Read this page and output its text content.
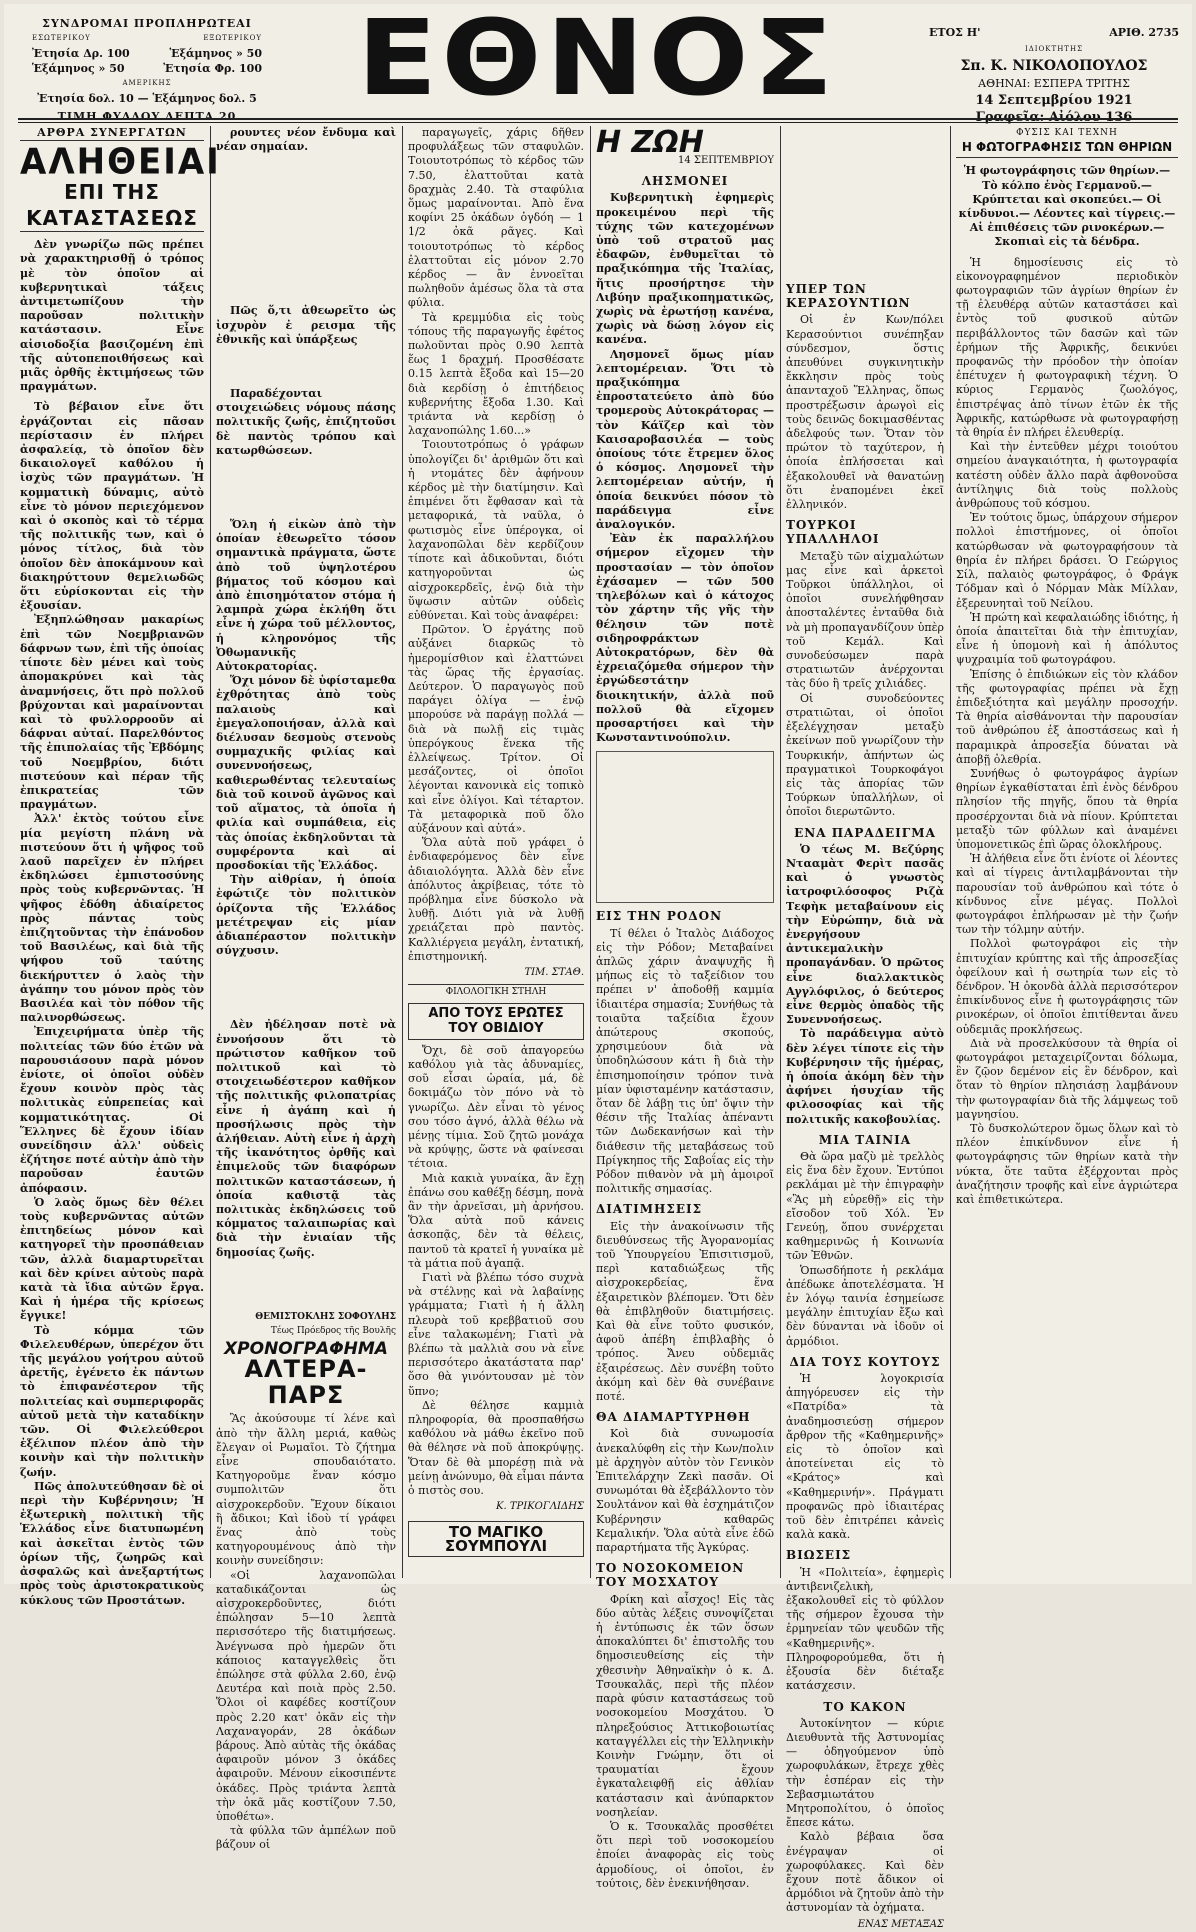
ΣΥΝΔΡΟΜΑΙ ΠΡΟΠΛΗΡΩΤΕΑΙ
ΕΣΩΤΕΡΙΚΟΥ	ΕΞΩΤΕΡΙΚΟΥ
Ἐτησία Δρ. 100	Ἑξάμηνος » 50
Ἑξάμηνος » 50	Ἐτησία Φρ. 100
ΑΜΕΡΙΚΗΣ
Ἐτησία δολ. 10 — Ἑξάμηνος δολ. 5
ΤΙΜΗ ΦΥΛΛΟΥ ΛΕΠΤΑ 20	ΕΘΝΟΣ	ΕΤΟΣ Η'	ΑΡΙΘ. 2735
ΙΔΙΟΚΤΗΤΗΣ
Σπ. Κ. ΝΙΚΟΛΟΠΟΥΛΟΣ
ΑΘΗΝΑΙ: ΕΣΠΕΡΑ ΤΡΙΤΗΣ
14 Σεπτεμβρίου 1921
Γραφεῖα: Αἰόλου 136
ΑΡΘΡΑ ΣΥΝΕΡΓΑΤΩΝ
ΑΛΗΘΕΙΑΙ
ΕΠΙ ΤΗΣ ΚΑΤΑΣΤΑΣΕΩΣ

Δὲν γνωρίζω πῶς πρέπει νὰ χαρακτηρισθῇ ὁ τρόπος μὲ τὸν ὁποῖον αἱ κυβερνητικαὶ τάξεις ἀντιμετωπίζουν τὴν παροῦσαν πολιτικὴν κατάστασιν. Εἶνε αἰσιοδοξία βασιζομένη ἐπὶ τῆς αὐτοπεποιθήσεως καὶ μιᾶς ὀρθῆς ἐκτιμήσεως τῶν πραγμάτων.

Τὸ βέβαιον εἶνε ὅτι ἐργάζονται εἰς πᾶσαν περίστασιν ἐν πλήρει ἀσφαλείᾳ, τὸ ὁποῖον δὲν δικαιολογεῖ καθόλου ἡ ἰσχὺς τῶν πραγμάτων. Ἡ κομματικὴ δύναμις, αὐτὸ εἶνε τὸ μόνον περιεχόμενον καὶ ὁ σκοπὸς καὶ τὸ τέρμα τῆς πολιτικῆς των, καὶ ὁ μόνος τίτλος, διὰ τὸν ὁποῖον δὲν ἀποκάμνουν καὶ διακηρύττουν θεμελιωδῶς ὅτι εὑρίσκονται εἰς τὴν ἐξουσίαν.

Ἐξηπλώθησαν μακαρίως ἐπὶ τῶν Νοεμβριανῶν δάφνων των, ἐπὶ τῆς ὁποίας τίποτε δὲν μένει καὶ τοὺς ἀπομακρύνει καὶ τὰς ἀναμνήσεις, ὅτι πρὸ πολλοῦ βρύχονται καὶ μαραίνονται καὶ τὸ φυλλορροοῦν αἱ δάφναι αὐταί. Παρελθόντος τῆς ἐπιπολαίας τῆς Ἐβδόμης τοῦ Νοεμβρίου, διότι πιστεύουν καὶ πέραν τῆς ἐπικρατείας τῶν πραγμάτων.

Ἀλλ' ἐκτὸς τούτου εἶνε μία μεγίστη πλάνη νὰ πιστεύουν ὅτι ἡ ψῆφος τοῦ λαοῦ παρεῖχεν ἐν πλήρει ἐκδηλώσει ἐμπιστοσύνης πρὸς τοὺς κυβερνῶντας. Ἡ ψῆφος ἐδόθη ἀδιαίρετος πρὸς πάντας τοὺς ἐπιζητοῦντας τὴν ἐπάνοδον τοῦ Βασιλέως, καὶ διὰ τῆς ψήφου τοῦ ταύτης διεκήρυττεν ὁ λαὸς τὴν ἀγάπην του μόνον πρὸς τὸν Βασιλέα καὶ τὸν πόθον τῆς παλινορθώσεως.

Ἐπιχειρήματα ὑπὲρ τῆς πολιτείας τῶν δύο ἐτῶν νὰ παρουσιάσουν παρὰ μόνον ἐνίοτε, οἱ ὁποῖοι οὐδὲν ἔχουν κοινὸν πρὸς τὰς πολιτικὰς εὐπρεπείας καὶ κομματικότητας. Οἱ Ἕλληνες δὲ ἔχουν ἰδίαν συνείδησιν ἀλλ' οὐδεὶς ἐζήτησε ποτέ αὐτὴν ἀπὸ τὴν παροῦσαν ἑαυτῶν ἀπόφασιν.

Ὁ λαὸς ὅμως δὲν θέλει τοὺς κυβερνῶντας αὐτῶν ἐπιτηδείως μόνον καὶ κατηγορεῖ τὴν προσπάθειαν τῶν, ἀλλὰ διαμαρτυρεῖται καὶ δὲν κρίνει αὐτοὺς παρὰ κατὰ τὰ ἴδια αὐτῶν ἔργα. Καὶ ἡ ἡμέρα τῆς κρίσεως ἔγγικε!

Τὸ κόμμα τῶν Φιλελευθέρων, ὑπερέχον ὅτι τῆς μεγάλου γοήτρου αὐτοῦ ἀρετῆς, ἐγένετο ἐκ πάντων τὸ ἐπιφανέστερον τῆς πολιτείας καὶ συμπεριφορᾶς αὐτοῦ μετὰ τὴν καταδίκην τῶν. Οἱ Φιλελεύθεροι ἐξέλιπον πλέον ἀπὸ τὴν κοινὴν καὶ τὴν πολιτικὴν ζωήν.

Πῶς ἀπολυτεύθησαν δὲ οἱ περὶ τὴν Κυβέρνησιν; Ἡ ἐξωτερικὴ πολιτικὴ τῆς Ἑλλάδος εἶνε διατυπωμένη καὶ ἀσκεῖται ἐντὸς τῶν ὁρίων τῆς, ζωηρῶς καὶ ἀσφαλῶς καὶ ἀνεξαρτήτως πρὸς τοὺς ἀριστοκρατικοὺς κύκλους τῶν Προστάτων.

ρουντες νέον ἔνδυμα καὶ νέαν σημαίαν.

Πῶς ὅ,τι ἀθεωρεῖτο ὡς ἰσχυρὸν ἐ ρεισμα τῆς ἐθνικῆς καὶ ὑπάρξεως

Παραδέχονται στοιχειώδεις νόμους πάσης πολιτικῆς ζωῆς, ἐπιζητοῦσι δὲ παντὸς τρόπου καὶ κατωρθώσεων.

Ὅλη ἡ εἰκὼν ἀπὸ τὴν ὁποίαν ἐθεωρεῖτο τόσον σημαντικὰ πράγματα, ὥστε ἀπὸ τοῦ ὑψηλοτέρου βήματος τοῦ κόσμου καὶ ἀπὸ ἐπισημότατον στόμα ἡ λαμπρὰ χώρα ἐκλήθη ὅτι εἶνε ἡ χώρα τοῦ μέλλοντος, ἡ κληρονόμος τῆς Ὀθωμανικῆς Αὐτοκρατορίας.

Ὅχι μόνον δὲ ὑφίσταμεθα ἐχθρότητας ἀπὸ τοὺς παλαιοὺς καὶ ἐμεγαλοποιήσαν, ἀλλὰ καὶ διέλυσαν δεσμοὺς στενοὺς συμμαχικῆς φιλίας καὶ συνεννοήσεως, καθιερωθέντας τελευταίως διὰ τοῦ κοινοῦ ἀγῶνος καὶ τοῦ αἵματος, τὰ ὁποῖα ἡ φιλία καὶ συμπάθεια, εἰς τὰς ὁποίας ἐκδηλοῦνται τὰ συμφέροντα καὶ αἱ προσδοκίαι τῆς Ἑλλάδος.

Τὴν αἰθρίαν, ἡ ὁποία ἐφώτιζε τὸν πολιτικὸν ὁρίζοντα τῆς Ἑλλάδος μετέτρεψαν εἰς μίαν ἀδιαπέραστον πολιτικὴν σύγχυσιν.

Δὲν ἠδέλησαν ποτὲ νὰ ἐννοήσουν ὅτι τὸ πρώτιστον καθῆκον τοῦ πολιτικοῦ καὶ τὸ στοιχειωδέστερον καθῆκον τῆς πολιτικῆς φιλοπατρίας εἶνε ἡ ἀγάπη καὶ ἡ προσήλωσις πρὸς τὴν ἀλήθειαν. Αὐτὴ εἶνε ἡ ἀρχὴ τῆς ἱκανότητος ὀρθῆς καὶ ἐπιμελοῦς τῶν διαφόρων πολιτικῶν καταστάσεων, ἡ ὁποία καθιστᾷ τὰς πολιτικὰς ἐκδηλώσεις τοῦ κόμματος ταλαιπωρίας καὶ διὰ τὴν ἐνιαίαν τῆς δημοσίας ζωῆς.

ΘΕΜΙΣΤΟΚΛΗΣ ΣΟΦΟΥΛΗΣ
Τέως Πρόεδρος τῆς Βουλῆς
ΧΡΟΝΟΓΡΑΦΗΜΑ
ΑΛΤΕΡΑ-ΠΑΡΣ

Ἂς ἀκούσουμε τί λένε καὶ ἀπὸ τὴν ἄλλη μεριά, καθὼς ἔλεγαν οἱ Ρωμαῖοι. Τὸ ζήτημα εἶνε σπουδαιότατο. Κατηγοροῦμε ἕναν κόσμο συμπολιτῶν ὅτι αἰσχροκερδοῦν. Ἔχουν δίκαιοι ἢ ἄδικοι; Καὶ ἰδοὺ τί γράφει ἕνας ἀπὸ τοὺς κατηγορουμένους ἀπὸ τὴν κοινὴν συνείδησιν:

«Οἱ λαχανοπῶλαι καταδικάζονται ὡς αἰσχροκερδοῦντες, διότι ἐπώλησαν 5—10 λεπτὰ περισσότερο τῆς διατιμήσεως. Ἀνέγνωσα πρὸ ἡμερῶν ὅτι κάποιος καταγγελθεὶς ὅτι ἐπώλησε στὰ φύλλα 2.60, ἐνῷ Δευτέρα καὶ ποιὰ πρὸς 2.50. Ὅλοι οἱ καφέδες κοστίζουν πρὸς 2.20 κατ' ὀκᾶν εἰς τὴν Λαχαναγοράν, 28 ὀκάδων βάρους. Ἀπὸ αὐτὰς τῆς ὀκάδας ἀφαιροῦν μόνον 3 ὀκάδες ἀφαιροῦν. Μένουν εἰκοσιπέντε ὀκάδες. Πρὸς τριάντα λεπτὰ τὴν ὀκᾶ μᾶς κοστίζουν 7.50, ὑποθέτω».

τὰ φύλλα τῶν ἀμπέλων ποῦ βάζουν οἱ

παραγωγεῖς, χάρις δῆθεν προφυλάξεως τῶν σταφυλῶν. Τοιουτοτρόπως τὸ κέρδος τῶν 7.50, ἐλαττοῦται κατὰ δραχμὰς 2.40. Τὰ σταφύλια ὅμως μαραίνονται. Ἀπὸ ἕνα κοφίνι 25 ὀκάδων ὀγδόη — 1 1/2 ὀκᾶ ρᾶγες. Καὶ τοιουτοτρόπως τὸ κέρδος ἐλαττοῦται εἰς μόνον 2.70 κέρδος — ἂν ἐννοεῖται πωληθοῦν ἀμέσως ὅλα τὰ στα φύλια.

Τὰ κρεμμύδια εἰς τοὺς τόπους τῆς παραγωγῆς ἐφέτος πωλοῦνται πρὸς 0.90 λεπτὰ ἕως 1 δραχμή. Προσθέσατε 0.15 λεπτὰ ἔξοδα καὶ 15—20 διὰ κερδίσῃ ὁ ἐπιτήδειος κυβερνήτης ἔξοδα 1.30. Καὶ τριάντα νὰ κερδίσῃ ὁ λαχανοπώλης 1.60...»

Τοιουτοτρόπως ὁ γράφων ὑπολογίζει δι' ἀριθμῶν ὅτι καὶ ἡ ντομάτες δὲν ἀφήνουν κέρδος μὲ τὴν διατίμησιν. Καὶ ἐπιμένει ὅτι ἔφθασαν καὶ τὰ μεταφορικά, τὰ ναῦλα, ὁ φωτισμὸς εἶνε ὑπέρογκα, οἱ λαχανοπῶλαι δὲν κερδίζουν τίποτε καὶ ἀδικοῦνται, διότι κατηγοροῦνται ὡς αἰσχροκερδεῖς, ἐνῷ διὰ τὴν ὕψωσιν αὐτῶν οὐδεὶς εὐθύνεται. Καὶ τοὺς ἀναφέρει:

Πρῶτον. Ὁ ἐργάτης ποῦ αὐξάνει διαρκῶς τὸ ἡμερομίσθιον καὶ ἐλαττώνει τὰς ὥρας τῆς ἐργασίας. Δεύτερον. Ὁ παραγωγὸς ποῦ παράγει ὀλίγα — ἐνῷ μπορούσε νὰ παράγῃ πολλά — διὰ νὰ πωλῇ εἰς τιμὰς ὑπερόγκους ἕνεκα τῆς ἐλλείψεως. Τρίτον. Οἱ μεσάζοντες, οἱ ὁποῖοι λέγονται κανονικὰ εἰς τοπικὸ καὶ εἶνε ὀλίγοι. Καὶ τέταρτον. Τὰ μεταφορικὰ ποῦ ὅλο αὐξάνουν καὶ αὐτά».

Ὅλα αὐτὰ ποῦ γράφει ὁ ἐνδιαφερόμενος δὲν εἶνε ἀδιαιολόγητα. Ἀλλὰ δὲν εἶνε ἀπόλυτος ἀκρίβειας, τότε τὸ πρόβλημα εἶνε δύσκολο νὰ λυθῇ. Διότι γιὰ νὰ λυθῇ χρειάζεται πρὸ παντὸς. Καλλιέργεια μεγάλη, ἐντατική, ἐπιστημονική.

ΤΙΜ. ΣΤΑΘ.
ΦΙΛΟΛΟΓΙΚΗ ΣΤΗΛΗ
ΑΠΟ ΤΟΥΣ ΕΡΩΤΕΣ ΤΟΥ ΟΒΙΔΙΟΥ

Ὄχι, δὲ σοῦ ἀπαγορεύω καθόλου γιὰ τὰς ἀδυναμίες, σοῦ εἶσαι ὡραία, μά, δὲ δοκιμάζω τὸν πόνο νὰ τὸ γνωρίζω. Δὲν εἶναι τὸ γένος σου τόσο ἁγνό, ἀλλὰ θέλω νὰ μένῃς τίμια. Σοῦ ζητῶ μονάχα νὰ κρύψῃς, ὥστε νὰ φαίνεσαι τέτοια.

Μιὰ κακιὰ γυναίκα, ἂν ἔχῃ ἐπάνω σου καθέξῃ δέσμη, πονὰ ἂν τὴν ἀρνεῖσαι, μὴ ἀρνήσου. Ὅλα αὐτὰ ποῦ κάνεις ἀσκοπᾷς, δὲν τὰ θέλεις, παντοῦ τὰ κρατεῖ ἡ γυναίκα μὲ τὰ μάτια ποῦ ἀγαπᾷ.

Γιατὶ νὰ βλέπω τόσο συχνὰ νὰ στέλνῃς καὶ νὰ λαβαίνῃς γράμματα; Γιατὶ ἡ ἡ ἄλλη πλευρὰ τοῦ κρεββατιοῦ σου εἶνε ταλακωμένη; Γιατὶ νὰ βλέπω τὰ μαλλιὰ σου νὰ εἶνε περισσότερο ἀκατάστατα παρ' ὅσο θὰ γινόντουσαν μὲ τὸν ὕπνο;

Δὲ θέλησε καμμιὰ πληροφορία, θὰ προσπαθήσω καθόλου νὰ μάθω ἐκεῖνο ποῦ θὰ θέλησε νὰ ποῦ ἀποκρύψῃς. Ὅταν δὲ θὰ μπορέσῃ πιὰ νὰ μείνῃ ἀνώνυμο, θὰ εἶμαι πάντα ὁ πιστὸς σου.

Κ. ΤΡΙΚΟΓΛΙΔΗΣ
ΤΟ ΜΑΓΙΚΟ ΣΟΥΜΠΟΥΛΙ
Η ΖΩΗ
14 ΣΕΠΤΕΜΒΡΙΟΥ
ΛΗΣΜΟΝΕΙ

Κυβερνητικὴ ἐφημερὶς προκειμένου περὶ τῆς τύχης τῶν κατεχομένων ὑπὸ τοῦ στρατοῦ μας ἐδαφῶν, ἐνθυμεῖται τὸ πραξικόπημα τῆς Ἰταλίας, ἥτις προσήρτησε τὴν Λιβύην πραξικοπηματικῶς, χωρὶς νὰ ἐρωτήσῃ κανένα, χωρὶς νὰ δώσῃ λόγον εἰς κανένα.

Λησμονεῖ ὅμως μίαν λεπτομέρειαν. Ὅτι τὸ πραξικόπημα ἐπροστατεύετο ἀπὸ δύο τρομεροὺς Αὐτοκράτορας — τὸν Κάϊζερ καὶ τὸν Καισαροβασιλέα — τοὺς ὁποίους τότε ἔτρεμεν ὅλος ὁ κόσμος. Λησμονεῖ τὴν λεπτομέρειαν αὐτήν, ἡ ὁποία δεικνύει πόσον τὸ παράδειγμα εἶνε ἀναλογικόν.

Ἐὰν ἐκ παραλλήλου σήμερον εἴχομεν τὴν προστασίαν — τὸν ὁποῖον ἐχάσαμεν — τῶν 500 τηλεβόλων καὶ ὁ κάτοχος τὸν χάρτην τῆς γῆς τὴν θέλησιν τῶν ποτὲ σιδηροφράκτων Αὐτοκρατόρων, δὲν θὰ ἐχρειαζόμεθα σήμερον τὴν ἐργώδεστάτην διοικητικήν, ἀλλὰ ποῦ πολλοῦ θὰ εἴχομεν προσαρτήσει καὶ τὴν Κωνσταντινούπολιν.

ΕΙΣ ΤΗΝ ΡΟΔΟΝ

Τί θέλει ὁ Ἰταλὸς Διάδοχος εἰς τὴν Ρόδον; Μεταβαίνει ἁπλῶς χάριν ἀναψυχῆς ἢ μήπως εἰς τὸ ταξείδιον του πρέπει ν' ἀποδοθῇ καμμία ἰδιαιτέρα σημασία; Συνήθως τὰ τοιαῦτα ταξείδια ἔχουν ἀπώτερους σκοπούς, χρησιμεύουν διὰ νὰ ὑποδηλώσουν κάτι ἢ διὰ τὴν ἐπισημοποίησιν τρόπον τινὰ μίαν ὑφισταμένην κατάστασιν, ὅταν δὲ λάβῃ τις ὑπ' ὄψιν τὴν θέσιν τῆς Ἰταλίας ἀπέναντι τῶν Δωδεκανήσων καὶ τὴν διάθεσιν τῆς μεταβάσεως τοῦ Πρίγκηπος τῆς Σαβοΐας εἰς τὴν Ρόδον πιθανὸν νὰ μὴ ἀμοιροῖ πολιτικῆς σημασίας.

ΔΙΑΤΙΜΗΣΕΙΣ

Εἰς τὴν ἀνακοίνωσιν τῆς διευθύνσεως τῆς Ἀγορανομίας τοῦ Ὑπουργείου Ἐπισιτισμοῦ, περὶ καταδιώξεως τῆς αἰσχροκερδείας, ἕνα ἐξαιρετικὸν βλέπομεν. Ὅτι δὲν θὰ ἐπιβληθοῦν διατιμήσεις. Καὶ θὰ εἶνε τοῦτο φυσικόν, ἀφοῦ ἀπέβη ἐπιβλαβὴς ὁ τρόπος. Ἄνευ οὐδεμιᾶς ἐξαιρέσεως. Δὲν συνέβη τοῦτο ἀκόμη καὶ δὲν θὰ συνέβαινε ποτέ.

ΘΑ ΔΙΑΜΑΡΤΥΡΗΘΗ

Κοὶ διὰ συνωμοσία ἀνεκαλύφθη εἰς τὴν Κων/πολιν μὲ ἀρχηγὸν αὐτὸν τὸν Γενικὸν Ἐπιτελάρχην Ζεκὶ πασᾶν. Οἱ συνωμόται θὰ ἐξεβάλλοντο τὸν Σουλτάνον καὶ θὰ ἐσχημάτιζον Κυβέρνησιν καθαρῶς Κεμαλικήν. Ὅλα αὐτὰ εἶνε ἐδῶ παραρτήματα τῆς Ἀγκύρας.

ΤΟ ΝΟΣΟΚΟΜΕΙΟΝ ΤΟΥ ΜΟΣΧΑΤΟΥ

Φρίκη καὶ αἶσχος! Εἰς τὰς δύο αὐτὰς λέξεις συνοψίζεται ἡ ἐντύπωσις ἐκ τῶν ὅσων ἀποκαλύπτει δι' ἐπιστολῆς του δημοσιευθείσης εἰς τὴν χθεσινὴν Ἀθηναϊκὴν ὁ κ. Δ. Τσουκαλᾶς, περὶ τῆς πλέον παρὰ φύσιν καταστάσεως τοῦ νοσοκομείου Μοσχάτου. Ὁ πληρεξούσιος Ἀττικοβοιωτίας καταγγέλλει εἰς τὴν Ἑλληνικὴν Κοινὴν Γνώμην, ὅτι οἱ τραυματίαι ἔχουν ἐγκαταλειφθῇ εἰς ἀθλίαν κατάστασιν καὶ ἀνύπαρκτον νοσηλείαν.

Ὁ κ. Τσουκαλᾶς προσθέτει ὅτι περὶ τοῦ νοσοκομείου ἐποίει ἀναφορὰς εἰς τοὺς ἁρμοδίους, οἱ ὁποῖοι, ἐν τούτοις, δὲν ἐνεκινήθησαν.

ΥΠΕΡ ΤΩΝ ΚΕΡΑΣΟΥΝΤΙΩΝ

Οἱ ἐν Κων/πόλει Κερασούντιοι συνέπηξαν σύνδεσμον, ὅστις ἀπευθύνει συγκινητικὴν ἔκκλησιν πρὸς τοὺς ἁπανταχοῦ Ἕλληνας, ὅπως προστρέξωσιν ἀρωγοὶ εἰς τοὺς δεινῶς δοκιμασθέντας ἀδελφούς των. Ὅταν τὸν πρώτον τὸ ταχύτερον, ἡ ὁποία ἐπλήσσεται καὶ ἐξακολουθεῖ νὰ θανατώνῃ ὅτι ἐναπομένει ἐκεῖ ἑλληνικόν.

ΤΟΥΡΚΟΙ ΥΠΑΛΛΗΛΟΙ

Μεταξὺ τῶν αἰχμαλώτων μας εἶνε καὶ ἀρκετοὶ Τοῦρκοι ὑπάλληλοι, οἱ ὁποῖοι συνελήφθησαν ἀποσταλέντες ἐνταῦθα διὰ νὰ μὴ προπαγανδίζουν ὑπὲρ τοῦ Κεμάλ. Καὶ συνοδεύσωμεν παρὰ στρατιωτῶν ἀνέρχονται τὰς δύο ἢ τρεῖς χιλιάδες.

Οἱ συνοδεύοντες στρατιῶται, οἱ ὁποῖοι ἐξελέγχησαν μεταξὺ ἐκείνων ποῦ γνωρίζουν τὴν Τουρκικήν, ἀπήντων ὡς πραγματικοὶ Τουρκοφάγοι εἰς τὰς ἀπορίας τῶν Τούρκων ὑπαλλήλων, οἱ ὁποῖοι διερωτῶντο.

ΕΝΑ ΠΑΡΑΔΕΙΓΜΑ

Ὁ τέως Μ. Βεζύρης Ντααμὰτ Φερὶτ πασᾶς καὶ ὁ γνωστὸς ἰατροφιλόσοφος Ριζὰ Τεφὴκ μεταβαίνουν εἰς τὴν Εὐρώπην, διὰ νὰ ἐνεργήσουν ἀντικεμαλικὴν προπαγάνδαν. Ὁ πρῶτος εἶνε διαλλακτικὸς Αγγλόφιλος, ὁ δεύτερος εἶνε θερμὸς ὀπαδὸς τῆς Συνεννοήσεως.

Τὸ παράδειγμα αὐτὸ δὲν λέγει τίποτε εἰς τὴν Κυβέρνησιν τῆς ἡμέρας, ἡ ὁποία ἀκόμη δὲν τὴν ἀφήνει ἡσυχίαν τῆς φιλοσοφίας καὶ τῆς πολιτικῆς κακοβουλίας.

ΜΙΑ ΤΑΙΝΙΑ

Θὰ ὥρα μαζὺ μὲ τρελλὸς εἰς ἕνα δὲν ἔχουν. Ἐντύποι ρεκλάμαι μὲ τὴν ἐπιγραφὴν «Ἂς μὴ εὐρεθῇ» εἰς τὴν εἴσοδον τοῦ Χόλ. Ἐν Γενεύῃ, ὅπου συνέρχεται καθημερινῶς ἡ Κοινωνία τῶν Ἐθνῶν.

Ὁπωσδήποτε ἡ ρεκλάμα ἀπέδωκε ἀποτελέσματα. Ἡ ἐν λόγῳ ταινία ἐσημείωσε μεγάλην ἐπιτυχίαν ἔξω καὶ δὲν δύνανται νὰ ἰδοῦν οἱ ἀρμόδιοι.

ΔΙΑ ΤΟΥΣ ΚΟΥΤΟΥΣ

Ἡ λογοκρισία ἀπηγόρευσεν εἰς τὴν «Πατρίδα» τὰ ἀναδημοσιεύσῃ σήμερον ἄρθρον τῆς «Καθημερινῆς» εἰς τὸ ὁποῖον καὶ ἀποτείνεται εἰς τὸ «Κράτος» καὶ «Καθημερινήν». Πράγματι προφανῶς πρὸ ἰδιαιτέρας τοῦ δὲν ἐπιτρέπει κἀνεὶς καλὰ κακὰ.

ΒΙΩΣΕΙΣ

Ἡ «Πολιτεία», ἐφημερὶς ἀντιβενιζελικὴ, ἐξακολουθεῖ εἰς τὸ φύλλον τῆς σήμερον ἔχουσα τὴν ἑρμηνείαν τῶν ψευδῶν τῆς «Καθημερινῆς». Πληροφορούμεθα, ὅτι ἡ ἐξουσία δὲν διέταξε κατάσχεσιν.

ΤΟ ΚΑΚΟΝ

Ἀυτοκίνητον — κύριε Διευθυντὰ τῆς Ἀστυνομίας — ὁδηγούμενον ὑπὸ χωροφυλάκων, ἔτρεχε χθὲς τὴν ἑσπέραν εἰς τὴν Σεβασμιωτάτου Μητροπολίτου, ὁ ὁποῖος ἔπεσε κάτω.

Καλὸ βέβαια ὅσα ἐνέγραψαν οἱ χωροφύλακες. Καὶ δὲν ἔχουν ποτὲ ἄδικον οἱ ἀρμόδιοι νὰ ζητοῦν ἀπὸ τὴν ἀστυνομίαν τὰ ὀχήματα.

ΕΝΑΣ ΜΕΤΑΞΑΣ
ΦΥΣΙΣ ΚΑΙ ΤΕΧΝΗ
Η ΦΩΤΟΓΡΑΦΗΣΙΣ ΤΩΝ ΘΗΡΙΩΝ

Ἡ φωτογράφησις τῶν θηρίων.— Τὸ κόλπο ἑνὸς Γερμανοῦ.— Κρύπτεται καὶ σκοπεύει.— Οἱ κίνδυνοι.— Λέοντες καὶ τίγρεις.— Αἱ ἐπιθέσεις τῶν ρινοκέρων.— Σκοπιαὶ εἰς τὰ δένδρα.

Ἡ δημοσίευσις εἰς τὸ εἰκονογραφημένον περιοδικὸν φωτογραφιῶν τῶν ἀγρίων θηρίων ἐν τῇ ἐλευθέρᾳ αὐτῶν καταστάσει καὶ ἐντὸς τοῦ φυσικοῦ αὐτῶν περιβάλλοντος τῶν δασῶν καὶ τῶν ἐρήμων τῆς Ἀφρικῆς, δεικνύει προφανῶς τὴν πρόοδον τὴν ὁποίαν ἐπέτυχεν ἡ φωτογραφικὴ τέχνη. Ὁ κύριος Γερμανὸς ζωολόγος, ἐπιστρέψας ἀπὸ τίνων ἐτῶν ἐκ τῆς Ἀφρικῆς, κατώρθωσε νὰ φωτογραφήσῃ τὰ θηρία ἐν πλήρει ἐλευθερίᾳ.

Καὶ τὴν ἐντεῦθεν μέχρι τοιούτου σημείου ἀναγκαιότητα, ἡ φωτογραφία κατέστη οὐδὲν ἄλλο παρὰ ἀφθονοῦσα ἀντίληψις διὰ τοὺς πολλοὺς ἀνθρώπους τοῦ κόσμου.

Ἐν τούτοις ὅμως, ὑπάρχουν σήμερον πολλοὶ ἐπιστήμονες, οἱ ὁποῖοι κατώρθωσαν νὰ φωτογραφήσουν τὰ θηρία ἐν πλήρει δράσει. Ὁ Γεώργιος Σίλ, παλαιὸς φωτογράφος, ὁ Φράγκ Τόδμαν καὶ ὁ Νόρμαν Μὰκ Μίλλαν, ἐξερευνηταὶ τοῦ Νείλου.

Ἡ πρώτη καὶ κεφαλαιώδης ἰδιότης, ἡ ὁποία ἀπαιτεῖται διὰ τὴν ἐπιτυχίαν, εἶνε ἡ ὑπομονὴ καὶ ἡ ἀπόλυτος ψυχραιμία τοῦ φωτογράφου.

Ἐπίσης ὁ ἐπιδιώκων εἰς τὸν κλάδον τῆς φωτογραφίας πρέπει νὰ ἔχῃ ἐπιδεξιότητα καὶ μεγάλην προσοχήν. Τὰ θηρία αἰσθάνονται τὴν παρουσίαν τοῦ ἀνθρώπου ἐξ ἀποστάσεως καὶ ἡ παραμικρὰ ἀπροσεξία δύναται νὰ ἀποβῇ ὀλεθρία.

Συνήθως ὁ φωτογράφος ἀγρίων θηρίων ἐγκαθίσταται ἐπὶ ἑνὸς δένδρου πλησίον τῆς πηγῆς, ὅπου τὰ θηρία προσέρχονται διὰ νὰ πίουν. Κρύπτεται μεταξὺ τῶν φύλλων καὶ ἀναμένει ὑπομονετικῶς ἐπὶ ὥρας ὁλοκλήρους.

Ἡ ἀλήθεια εἶνε ὅτι ἐνίοτε οἱ λέοντες καὶ αἱ τίγρεις ἀντιλαμβάνονται τὴν παρουσίαν τοῦ ἀνθρώπου καὶ τότε ὁ κίνδυνος εἶνε μέγας. Πολλοὶ φωτογράφοι ἐπλήρωσαν μὲ τὴν ζωήν των τὴν τόλμην αὐτήν.

Πολλοὶ φωτογράφοι εἰς τὴν ἐπιτυχίαν κρύπτης καὶ τῆς ἀπροσεξίας ὀφείλουν καὶ ἡ σωτηρία των εἰς τὸ δένδρον. Ἡ ὀκονδὰ ἀλλὰ περισσότερον ἐπικίνδυνος εἶνε ἡ φωτογράφησις τῶν ρινοκέρων, οἱ ὁποῖοι ἐπιτίθενται ἄνευ οὐδεμιᾶς προκλήσεως.

Διὰ νὰ προσελκύσουν τὰ θηρία οἱ φωτογράφοι μεταχειρίζονται δόλωμα, ἓν ζῷον δεμένον εἰς ἓν δένδρον, καὶ ὅταν τὸ θηρίον πλησιάσῃ λαμβάνουν τὴν φωτογραφίαν διὰ τῆς λάμψεως τοῦ μαγνησίου.

Τὸ δυσκολώτερον ὅμως ὅλων καὶ τὸ πλέον ἐπικίνδυνον εἶνε ἡ φωτογράφησις τῶν θηρίων κατὰ τὴν νύκτα, ὅτε ταῦτα ἐξέρχονται πρὸς ἀναζήτησιν τροφῆς καὶ εἶνε ἀγριώτερα καὶ ἐπιθετικώτερα.
